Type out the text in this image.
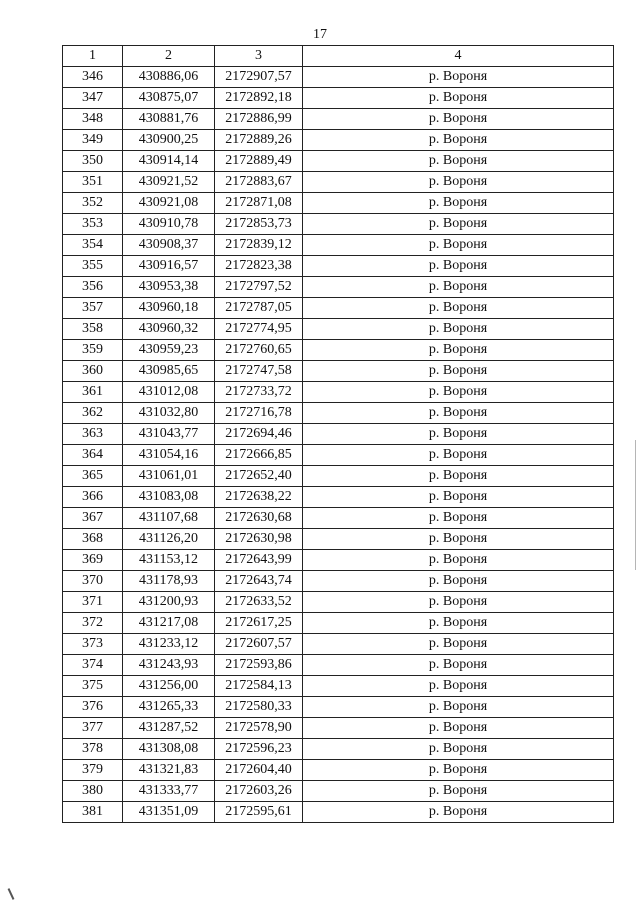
17
1	2	3	4
346	430886,06	2172907,57	р. Вороня
347	430875,07	2172892,18	р. Вороня
348	430881,76	2172886,99	р. Вороня
349	430900,25	2172889,26	р. Вороня
350	430914,14	2172889,49	р. Вороня
351	430921,52	2172883,67	р. Вороня
352	430921,08	2172871,08	р. Вороня
353	430910,78	2172853,73	р. Вороня
354	430908,37	2172839,12	р. Вороня
355	430916,57	2172823,38	р. Вороня
356	430953,38	2172797,52	р. Вороня
357	430960,18	2172787,05	р. Вороня
358	430960,32	2172774,95	р. Вороня
359	430959,23	2172760,65	р. Вороня
360	430985,65	2172747,58	р. Вороня
361	431012,08	2172733,72	р. Вороня
362	431032,80	2172716,78	р. Вороня
363	431043,77	2172694,46	р. Вороня
364	431054,16	2172666,85	р. Вороня
365	431061,01	2172652,40	р. Вороня
366	431083,08	2172638,22	р. Вороня
367	431107,68	2172630,68	р. Вороня
368	431126,20	2172630,98	р. Вороня
369	431153,12	2172643,99	р. Вороня
370	431178,93	2172643,74	р. Вороня
371	431200,93	2172633,52	р. Вороня
372	431217,08	2172617,25	р. Вороня
373	431233,12	2172607,57	р. Вороня
374	431243,93	2172593,86	р. Вороня
375	431256,00	2172584,13	р. Вороня
376	431265,33	2172580,33	р. Вороня
377	431287,52	2172578,90	р. Вороня
378	431308,08	2172596,23	р. Вороня
379	431321,83	2172604,40	р. Вороня
380	431333,77	2172603,26	р. Вороня
381	431351,09	2172595,61	р. Вороня
